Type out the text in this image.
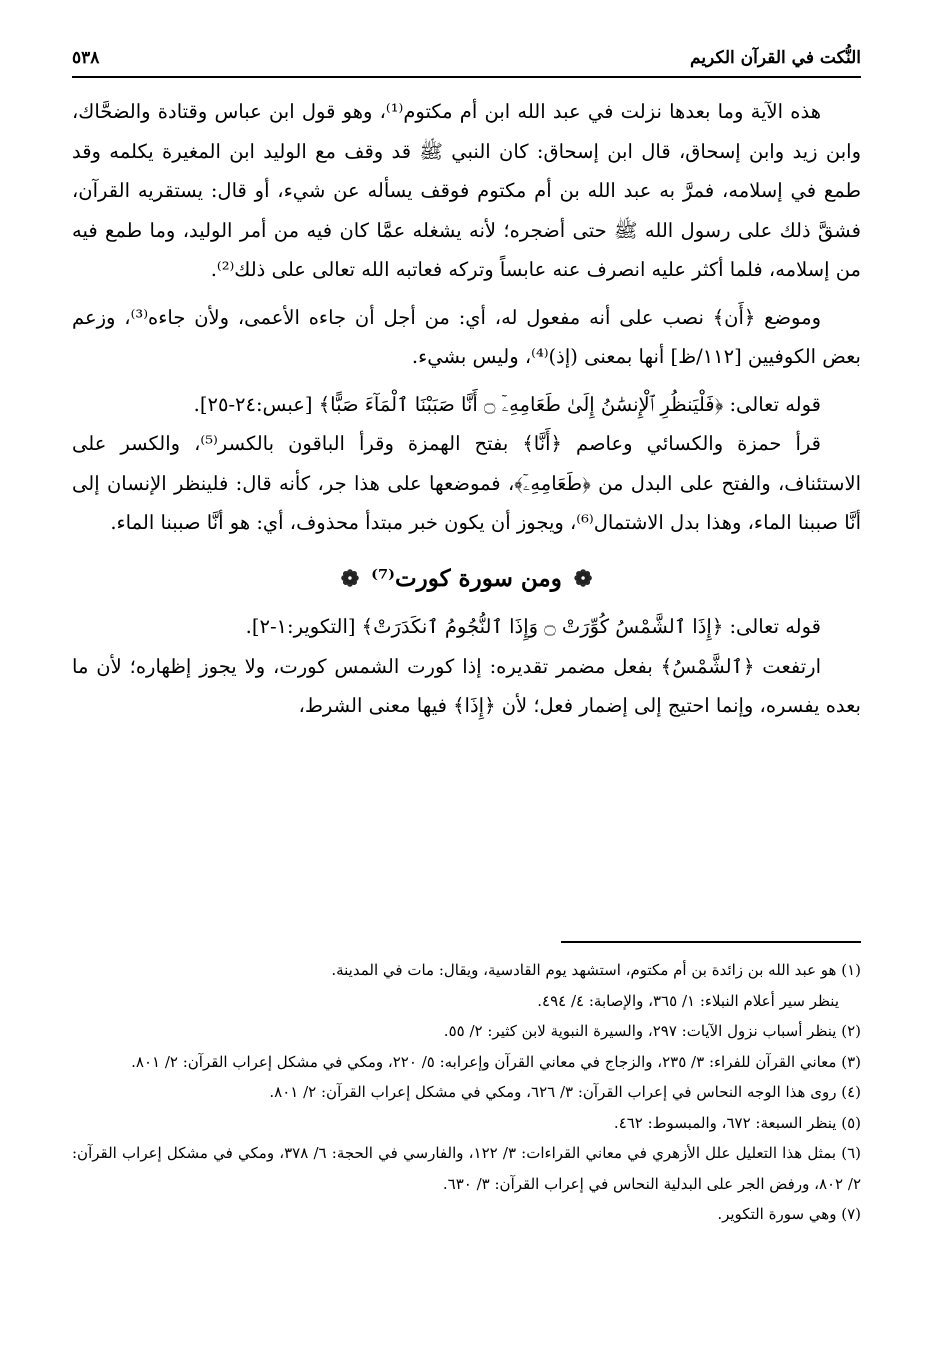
النُّكت في القرآن الكريم
٥٣٨

هذه الآية وما بعدها نزلت في عبد الله ابن أم مكتوم⁽¹⁾، وهو قول ابن عباس وقتادة والضحَّاك، وابن زيد وابن إسحاق، قال ابن إسحاق: كان النبي ﷺ قد وقف مع الوليد ابن المغيرة يكلمه وقد طمع في إسلامه، فمرَّ به عبد الله بن أم مكتوم فوقف يسأله عن شيء، أو قال: يستقريه القرآن، فشقَّ ذلك على رسول الله ﷺ حتى أضجره؛ لأنه يشغله عمَّا كان فيه من أمر الوليد، وما طمع فيه من إسلامه، فلما أكثر عليه انصرف عنه عابساً وتركه فعاتبه الله تعالى على ذلك⁽²⁾.

وموضع ﴿أَن﴾ نصب على أنه مفعول له، أي: من أجل أن جاءه الأعمى، ولأن جاءه⁽³⁾، وزعم بعض الكوفيين [١١٢/ظ] أنها بمعنى (إذ)⁽⁴⁾، وليس بشيء.

قوله تعالى: ﴿فَلْيَنظُرِ ٱلْإِنسَٰنُ إِلَىٰ طَعَامِهِۦٓ ۝ أَنَّا صَبَبْنَا ٱلْمَآءَ صَبًّا﴾ [عبس:٢٤-٢٥].

قرأ حمزة والكسائي وعاصم ﴿أَنَّا﴾ بفتح الهمزة وقرأ الباقون بالكسر⁽⁵⁾، والكسر على الاستئناف، والفتح على البدل من ﴿طَعَامِهِۦٓ﴾، فموضعها على هذا جر، كأنه قال: فلينظر الإنسان إلى أنَّا صببنا الماء، وهذا بدل الاشتمال⁽⁶⁾، ويجوز أن يكون خبر مبتدأ محذوف، أي: هو أنَّا صببنا الماء.

❁ ومن سورة كورت⁽⁷⁾ ❁

قوله تعالى: ﴿إِذَا ٱلشَّمْسُ كُوِّرَتْ ۝ وَإِذَا ٱلنُّجُومُ ٱنكَدَرَتْ﴾ [التكوير:١-٢].

ارتفعت ﴿ٱلشَّمْسُ﴾ بفعل مضمر تقديره: إذا كورت الشمس كورت، ولا يجوز إظهاره؛ لأن ما بعده يفسره، وإنما احتيج إلى إضمار فعل؛ لأن ﴿إِذَا﴾ فيها معنى الشرط،

(١) هو عبد الله بن زائدة بن أم مكتوم، استشهد يوم القادسية، ويقال: مات في المدينة.

ينظر سير أعلام النبلاء: ١/ ٣٦٥، والإصابة: ٤/ ٤٩٤.

(٢) ينظر أسباب نزول الآيات: ٢٩٧، والسيرة النبوية لابن كثير: ٢/ ٥٥.

(٣) معاني القرآن للفراء: ٣/ ٢٣٥، والزجاج في معاني القرآن وإعرابه: ٥/ ٢٢٠، ومكي في مشكل إعراب القرآن: ٢/ ٨٠١.

(٤) روى هذا الوجه النحاس في إعراب القرآن: ٣/ ٦٢٦، ومكي في مشكل إعراب القرآن: ٢/ ٨٠١.

(٥) ينظر السبعة: ٦٧٢، والمبسوط: ٤٦٢.

(٦) بمثل هذا التعليل علل الأزهري في معاني القراءات: ٣/ ١٢٢، والفارسي في الحجة: ٦/ ٣٧٨، ومكي في مشكل إعراب القرآن: ٢/ ٨٠٢، ورفض الجر على البدلية النحاس في إعراب القرآن: ٣/ ٦٣٠.

(٧) وهي سورة التكوير.
